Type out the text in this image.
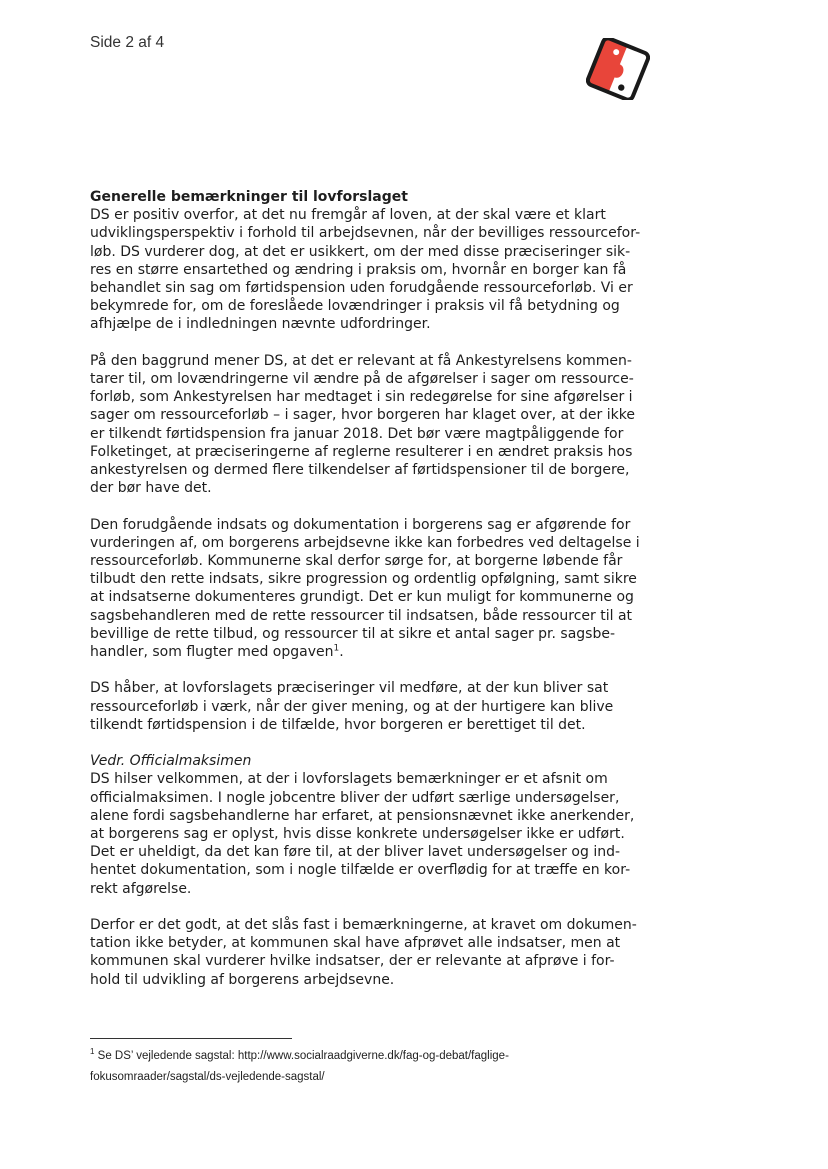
Side 2 af 4
Generelle bemærkninger til lovforslaget

DS er positiv overfor, at det nu fremgår af loven, at der skal være et klart
udviklingsperspektiv i forhold til arbejdsevnen, når der bevilliges ressourcefor-
løb. DS vurderer dog, at det er usikkert, om der med disse præciseringer sik-
res en større ensartethed og ændring i praksis om, hvornår en borger kan få
behandlet sin sag om førtidspension uden forudgående ressourceforløb. Vi er
bekymrede for, om de foreslåede lovændringer i praksis vil få betydning og
afhjælpe de i indledningen nævnte udfordringer.

På den baggrund mener DS, at det er relevant at få Ankestyrelsens kommen-
tarer til, om lovændringerne vil ændre på de afgørelser i sager om ressource-
forløb, som Ankestyrelsen har medtaget i sin redegørelse for sine afgørelser i
sager om ressourceforløb – i sager, hvor borgeren har klaget over, at der ikke
er tilkendt førtidspension fra januar 2018. Det bør være magtpåliggende for
Folketinget, at præciseringerne af reglerne resulterer i en ændret praksis hos
ankestyrelsen og dermed flere tilkendelser af førtidspensioner til de borgere,
der bør have det.

Den forudgående indsats og dokumentation i borgerens sag er afgørende for
vurderingen af, om borgerens arbejdsevne ikke kan forbedres ved deltagelse i
ressourceforløb. Kommunerne skal derfor sørge for, at borgerne løbende får
tilbudt den rette indsats, sikre progression og ordentlig opfølgning, samt sikre
at indsatserne dokumenteres grundigt. Det er kun muligt for kommunerne og
sagsbehandleren med de rette ressourcer til indsatsen, både ressourcer til at
bevillige de rette tilbud, og ressourcer til at sikre et antal sager pr. sagsbe-
handler, som flugter med opgaven$^1$.

DS håber, at lovforslagets præciseringer vil medføre, at der kun bliver sat
ressourceforløb i værk, når der giver mening, og at der hurtigere kan blive
tilkendt førtidspension i de tilfælde, hvor borgeren er berettiget til det.

Vedr. Officialmaksimen

DS hilser velkommen, at der i lovforslagets bemærkninger er et afsnit om
officialmaksimen. I nogle jobcentre bliver der udført særlige undersøgelser,
alene fordi sagsbehandlerne har erfaret, at pensionsnævnet ikke anerkender,
at borgerens sag er oplyst, hvis disse konkrete undersøgelser ikke er udført.
Det er uheldigt, da det kan føre til, at der bliver lavet undersøgelser og ind-
hentet dokumentation, som i nogle tilfælde er overflødig for at træffe en kor-
rekt afgørelse.

Derfor er det godt, at det slås fast i bemærkningerne, at kravet om dokumen-
tation ikke betyder, at kommunen skal have afprøvet alle indsatser, men at
kommunen skal vurderer hvilke indsatser, der er relevante at afprøve i for-
hold til udvikling af borgerens arbejdsevne.

$^1$ Se DS’ vejledende sagstal: http://www.socialraadgiverne.dk/fag-og-debat/faglige-
fokusomraader/sagstal/ds-vejledende-sagstal/
